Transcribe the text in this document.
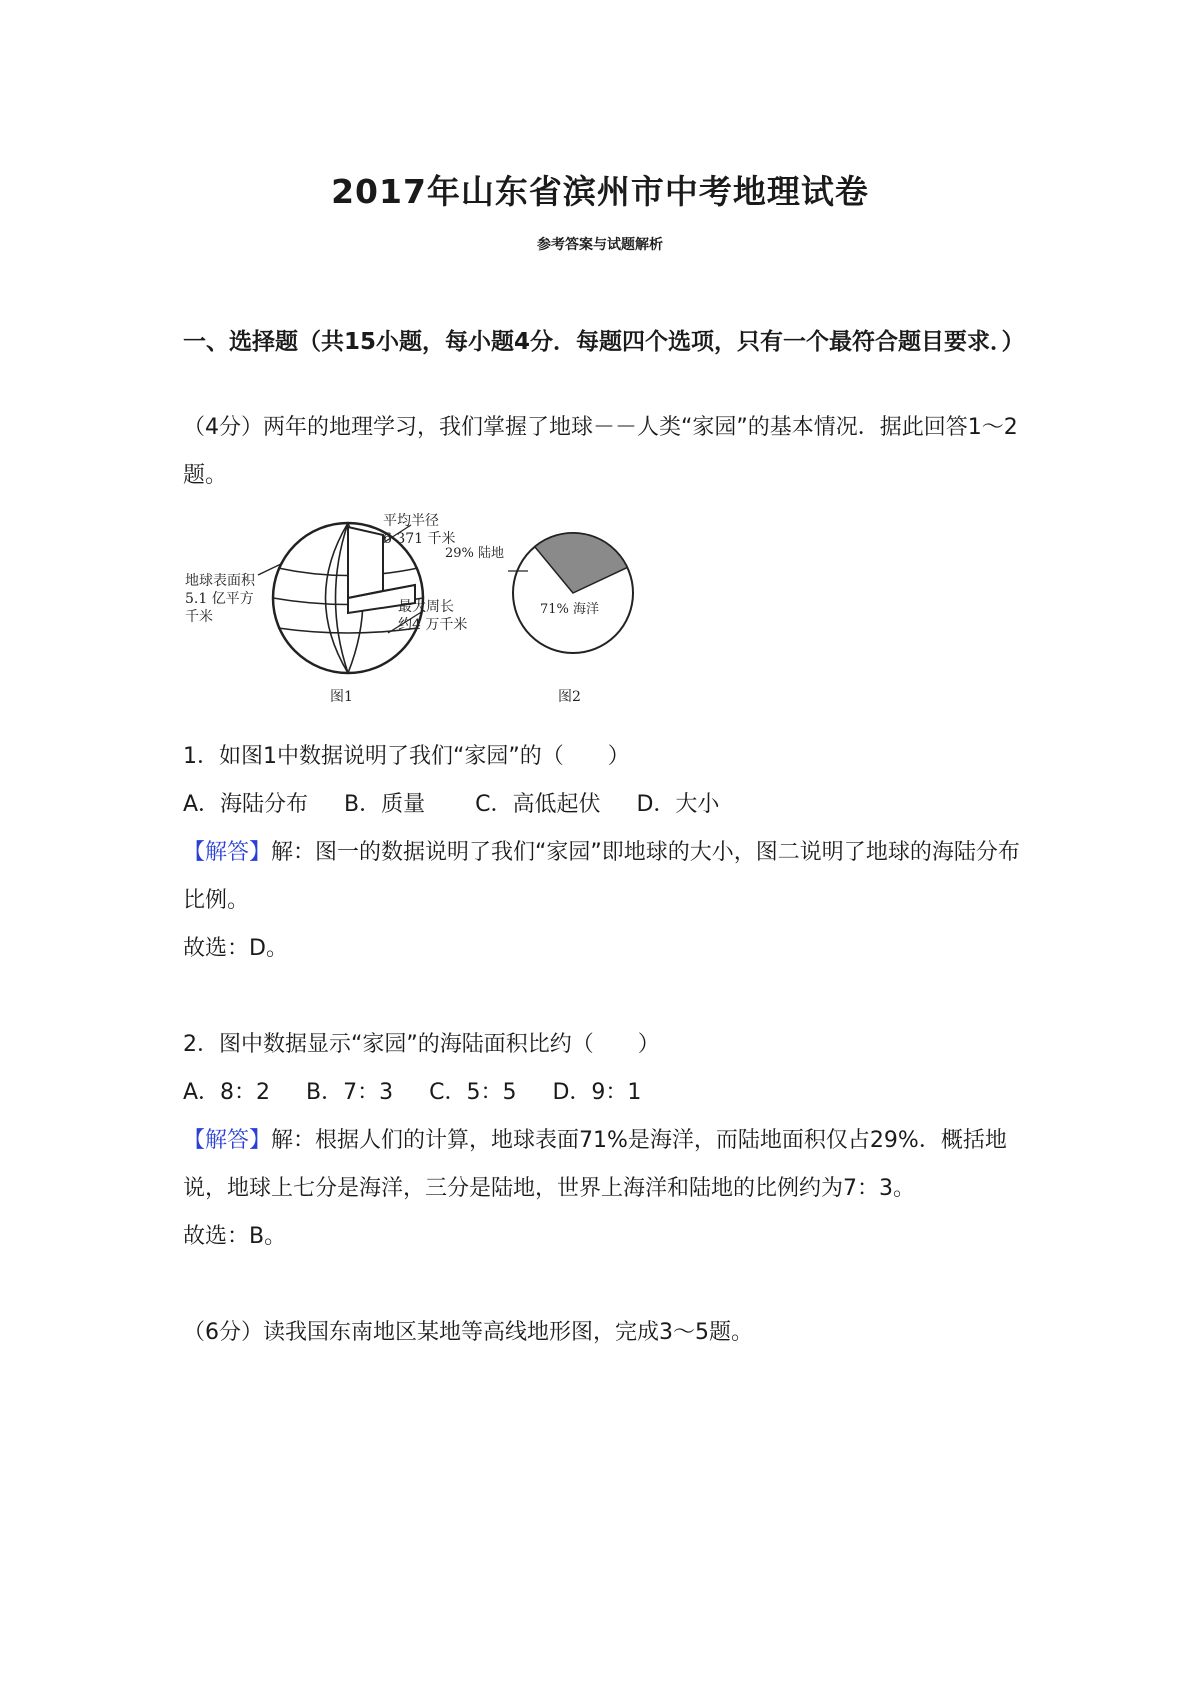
2017年山东省滨州市中考地理试卷
参考答案与试题解析
一、选择题（共15小题，每小题4分．每题四个选项，只有一个最符合题目要求．）
（4分）两年的地理学习，我们掌握了地球－－人类“家园”的基本情况．据此回答1～2题。
平均半径
6 371 千米
地球表面积
5.1 亿平方
千米
最大周长
约4 万千米
图1
29% 陆地
71% 海洋
图2
1．如图1中数据说明了我们“家园”的（　　）
A．海陆分布　  B．质量　    C．高低起伏　  D．大小
【解答】解：图一的数据说明了我们“家园”即地球的大小，图二说明了地球的海陆分布比例。
故选：D。
2．图中数据显示“家园”的海陆面积比约（　　）
A．8：2　  B．7：3　  C．5：5　  D．9：1
【解答】解：根据人们的计算，地球表面71%是海洋，而陆地面积仅占29%．概括地说，地球上七分是海洋，三分是陆地，世界上海洋和陆地的比例约为7：3。
故选：B。
（6分）读我国东南地区某地等高线地形图，完成3～5题。
